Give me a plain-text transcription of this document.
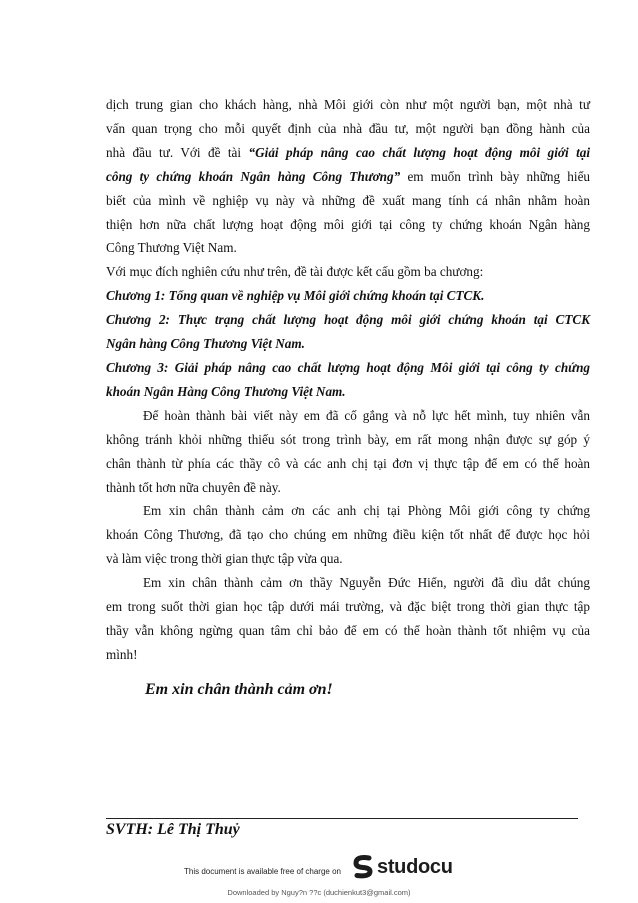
dịch trung gian cho khách hàng, nhà Môi giới còn như một người bạn, một nhà tư

vấn quan trọng cho mỗi quyết định của nhà đầu tư, một người bạn đồng hành của

nhà đầu tư. Với đề tài “Giải pháp nâng cao chất lượng hoạt động môi giới tại

công ty chứng khoán Ngân hàng Công Thương” em muốn trình bày những hiểu

biết của mình về nghiệp vụ này và những đề xuất mang tính cá nhân nhằm hoàn

thiện hơn nữa chất lượng hoạt động môi giới tại công ty chứng khoán Ngân hàng

Công Thương Việt Nam.

Với mục đích nghiên cứu như trên, đề tài được kết cấu gồm ba chương:

Chương 1: Tổng quan về nghiệp vụ Môi giới chứng khoán tại CTCK.

Chương 2: Thực trạng chất lượng hoạt động môi giới chứng khoán tại CTCK

Ngân hàng Công Thương Việt Nam.

Chương 3: Giải pháp nâng cao chất lượng hoạt động Môi giới tại công ty chứng

khoán Ngân Hàng Công Thương Việt Nam.

Để hoàn thành bài viết này em đã cố gắng và nỗ lực hết mình, tuy nhiên vẫn

không tránh khỏi những thiếu sót trong trình bày, em rất mong nhận được sự góp ý

chân thành từ phía các thầy cô và các anh chị tại đơn vị thực tập để em có thể hoàn

thành tốt hơn nữa chuyên đề này.

Em xin chân thành cảm ơn các anh chị tại Phòng Môi giới công ty chứng

khoán Công Thương, đã tạo cho chúng em những điều kiện tốt nhất để được học hỏi

và làm việc trong thời gian thực tập vừa qua.

Em xin chân thành cảm ơn thầy Nguyễn Đức Hiển, người đã dìu dắt chúng

em trong suốt thời gian học tập dưới mái trường, và đặc biệt trong thời gian thực tập

thầy vẫn không ngừng quan tâm chỉ bảo để em có thể hoàn thành tốt nhiệm vụ của

mình!

Em xin chân thành cảm ơn!

SVTH: Lê Thị Thuỷ

This document is available free of charge on studocu

Downloaded by Nguy?n ??c (duchienkut3@gmail.com)
